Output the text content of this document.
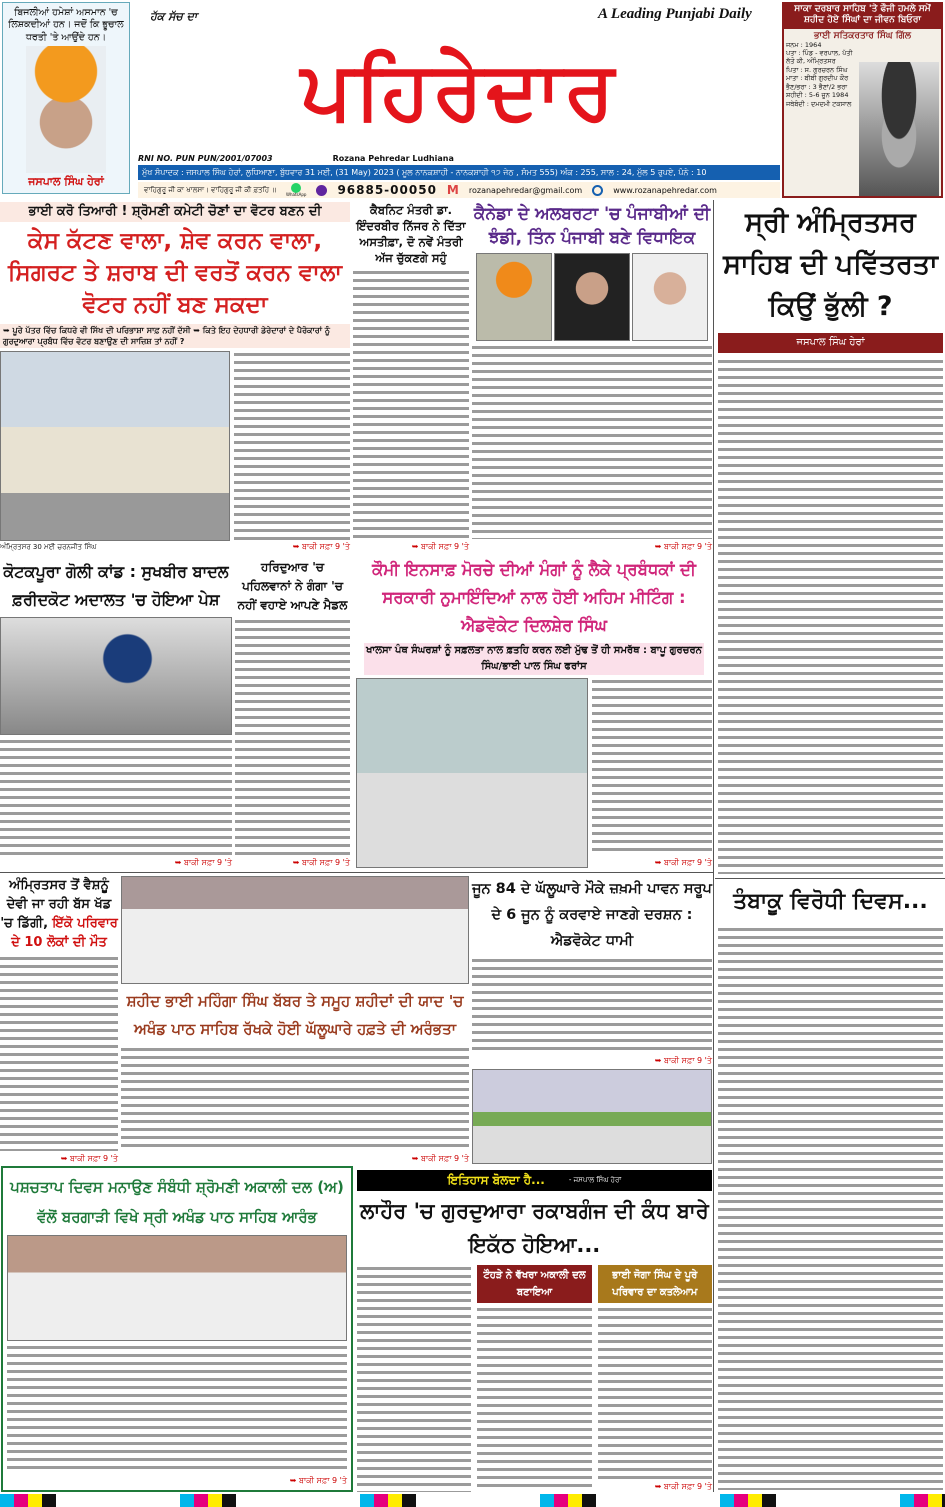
ਬਿਜਲੀਆਂ ਹਮੇਸ਼ਾਂ ਅਸਮਾਨ 'ਚ ਲਿਸ਼ਕਦੀਆਂ ਹਨ। ਜਦੋਂ ਕਿ ਭੂਚਾਲ ਧਰਤੀ 'ਤੇ ਆਉਂਦੇ ਹਨ।
ਜਸਪਾਲ ਸਿੰਘ ਹੇਰਾਂ
ਹੱਕ ਸੱਚ ਦਾ	A Leading Punjabi Daily
ਪਹਿਰੇਦਾਰ
RNI NO. PUN PUN/2001/07003	Rozana Pehredar Ludhiana
ਮੁੱਖ ਸੰਪਾਦਕ : ਜਸਪਾਲ ਸਿੰਘ ਹੇਰਾਂ, ਲੁਧਿਆਣਾ, ਬੁੱਧਵਾਰ 31 ਮਈ, (31 May) 2023 ( ਮੂਲ ਨਾਨਕਸ਼ਾਹੀ - ਨਾਨਕਸ਼ਾਹੀ ੧੭ ਜੇਠ , ਸੰਮਤ 555) ਅੰਕ : 255, ਸਾਲ : 24, ਮੁੱਲ 5 ਰੁਪਏ, ਪੰਨੇ : 10
ਵਾਹਿਗੁਰੂ ਜੀ ਕਾ ਖਾਲਸਾ। ਵਾਹਿਗੁਰੂ ਜੀ ਕੀ ਫ਼ਤਹਿ ॥
WhatsApp	96885-00050 M rozanapehredar@gmail.com	www.rozanapehredar.com
ਸਾਕਾ ਦਰਬਾਰ ਸਾਹਿਬ 'ਤੇ ਫੌਜੀ ਹਮਲੇ ਸਮੇਂ ਸ਼ਹੀਦ ਹੋਏ ਸਿੰਘਾਂ ਦਾ ਜੀਵਨ ਬਿਓਰਾ
ਭਾਈ ਸਤਿਕਰਤਾਰ ਸਿੰਘ ਗਿੱਲ
ਜਨਮ : 1964
ਪਤਾ : ਪਿੰਡ - ਵਰਪਾਲ, ਪੱਤੀ ਲੱਤੋ ਕੀ, ਅੰਮ੍ਰਿਤਸਰ
ਪਿਤਾ : ਸ. ਗੁਰਚਰਨ ਸਿੰਘ
ਮਾਤਾ : ਬੀਬੀ ਗੁਰਦੀਪ ਕੌਰ
ਭੈਣ/ਭਰਾ : 3 ਭੈਣਾਂ/2 ਭਰਾ
ਸ਼ਹੀਦੀ : 5-6 ਜੂਨ 1984
ਜਥੇਬੰਦੀ : ਦਮਦਮੀ ਟਕਸਾਲ
ਭਾਈ ਕਰੋ ਤਿਆਰੀ ! ਸ਼੍ਰੋਮਣੀ ਕਮੇਟੀ ਚੋਣਾਂ ਦਾ ਵੋਟਰ ਬਣਨ ਦੀ
ਕੇਸ ਕੱਟਣ ਵਾਲਾ, ਸ਼ੇਵ ਕਰਨ ਵਾਲਾ, ਸਿਗਰਟ ਤੇ ਸ਼ਰਾਬ ਦੀ ਵਰਤੋਂ ਕਰਨ ਵਾਲਾ ਵੋਟਰ ਨਹੀਂ ਬਣ ਸਕਦਾ
➥ ਪੂਰੇ ਪੱਤਰ ਵਿੱਚ ਕਿਧਰੇ ਵੀ ਸਿੱਖ ਦੀ ਪਰਿਭਾਸ਼ਾ ਸਾਫ਼ ਨਹੀਂ ਦੱਸੀ ➥ ਕਿਤੇ ਇਹ ਦੇਹਧਾਰੀ ਡੇਰੇਦਾਰਾਂ ਦੇ ਪੈਰੋਕਾਰਾਂ ਨੂੰ ਗੁਰਦੁਆਰਾ ਪ੍ਰਬੰਧ ਵਿੱਚ ਵੋਟਰ ਬਣਾਉਣ ਦੀ ਸਾਜ਼ਿਸ਼ ਤਾਂ ਨਹੀਂ ?
ਅੰਮ੍ਰਿਤਸਰ 30 ਮਈ ਚਰਨਜੀਤ ਸਿੰਘ	➥ ਬਾਕੀ ਸਫ਼ਾ 9 'ਤੇ
ਕੈਬਨਿਟ ਮੰਤਰੀ ਡਾ. ਇੰਦਰਬੀਰ ਨਿੱਜਰ ਨੇ ਦਿੱਤਾ ਅਸਤੀਫ਼ਾ, ਦੋ ਨਵੇਂ ਮੰਤਰੀ ਅੱਜ ਚੁੱਕਣਗੇ ਸਹੁੰ
➥ ਬਾਕੀ ਸਫ਼ਾ 9 'ਤੇ
ਕੈਨੇਡਾ ਦੇ ਅਲਬਰਟਾ 'ਚ ਪੰਜਾਬੀਆਂ ਦੀ ਝੰਡੀ, ਤਿੰਨ ਪੰਜਾਬੀ ਬਣੇ ਵਿਧਾਇਕ
➥ ਬਾਕੀ ਸਫ਼ਾ 9 'ਤੇ
ਸ੍ਰੀ ਅੰਮ੍ਰਿਤਸਰ ਸਾਹਿਬ ਦੀ ਪਵਿੱਤਰਤਾ ਕਿਉਂ ਭੁੱਲੀ ?
ਜਸਪਾਲ ਸਿੰਘ ਹੇਰਾਂ
ਕੋਟਕਪੂਰਾ ਗੋਲੀ ਕਾਂਡ : ਸੁਖਬੀਰ ਬਾਦਲ ਫ਼ਰੀਦਕੋਟ ਅਦਾਲਤ 'ਚ ਹੋਇਆ ਪੇਸ਼
➥ ਬਾਕੀ ਸਫ਼ਾ 9 'ਤੇ
ਹਰਿਦੁਆਰ 'ਚ ਪਹਿਲਵਾਨਾਂ ਨੇ ਗੰਗਾ 'ਚ ਨਹੀਂ ਵਹਾਏ ਆਪਣੇ ਮੈਡਲ
➥ ਬਾਕੀ ਸਫ਼ਾ 9 'ਤੇ
ਕੌਮੀ ਇਨਸਾਫ਼ ਮੋਰਚੇ ਦੀਆਂ ਮੰਗਾਂ ਨੂੰ ਲੈਕੇ ਪ੍ਰਬੰਧਕਾਂ ਦੀ ਸਰਕਾਰੀ ਨੁਮਾਇੰਦਿਆਂ ਨਾਲ ਹੋਈ ਅਹਿਮ ਮੀਟਿੰਗ : ਐਡਵੋਕੇਟ ਦਿਲਸ਼ੇਰ ਸਿੰਘ
ਖਾਲਸਾ ਪੰਥ ਸੰਘਰਸ਼ਾਂ ਨੂੰ ਸਫ਼ਲਤਾ ਨਾਲ ਫ਼ਤਹਿ ਕਰਨ ਲਈ ਮੁੱਢ ਤੋਂ ਹੀ ਸਮਰੱਥ : ਬਾਪੂ ਗੁਰਚਰਨ ਸਿੰਘ/ਭਾਈ ਪਾਲ ਸਿੰਘ ਫਰਾਂਸ
➥ ਬਾਕੀ ਸਫ਼ਾ 9 'ਤੇ
ਅੰਮ੍ਰਿਤਸਰ ਤੋਂ ਵੈਸ਼ਨੂੰ ਦੇਵੀ ਜਾ ਰਹੀ ਬੱਸ ਖੱਡ 'ਚ ਡਿੱਗੀ, ਇੱਕੋ ਪਰਿਵਾਰ ਦੇ 10 ਲੋਕਾਂ ਦੀ ਮੌਤ
➥ ਬਾਕੀ ਸਫ਼ਾ 9 'ਤੇ
ਸ਼ਹੀਦ ਭਾਈ ਮਹਿੰਗਾ ਸਿੰਘ ਬੱਬਰ ਤੇ ਸਮੂਹ ਸ਼ਹੀਦਾਂ ਦੀ ਯਾਦ 'ਚ ਅਖੰਡ ਪਾਠ ਸਾਹਿਬ ਰੱਖਕੇ ਹੋਈ ਘੱਲੂਘਾਰੇ ਹਫ਼ਤੇ ਦੀ ਅਰੰਭਤਾ
➥ ਬਾਕੀ ਸਫ਼ਾ 9 'ਤੇ
ਜੂਨ 84 ਦੇ ਘੱਲੂਘਾਰੇ ਮੌਕੇ ਜ਼ਖ਼ਮੀ ਪਾਵਨ ਸਰੂਪ ਦੇ 6 ਜੂਨ ਨੂੰ ਕਰਵਾਏ ਜਾਣਗੇ ਦਰਸ਼ਨ : ਐਡਵੋਕੇਟ ਧਾਮੀ
➥ ਬਾਕੀ ਸਫ਼ਾ 9 'ਤੇ
ਪਸ਼ਚਤਾਪ ਦਿਵਸ ਮਨਾਉਣ ਸੰਬੰਧੀ ਸ਼੍ਰੋਮਣੀ ਅਕਾਲੀ ਦਲ (ਅ) ਵੱਲੋਂ ਬਰਗਾੜੀ ਵਿਖੇ ਸ੍ਰੀ ਅਖੰਡ ਪਾਠ ਸਾਹਿਬ ਆਰੰਭ
➥ ਬਾਕੀ ਸਫ਼ਾ 9 'ਤੇ
ਇਤਿਹਾਸ ਬੋਲਦਾ ਹੈ...	- ਜਸਪਾਲ ਸਿੰਘ ਹੇਰਾਂ
ਲਾਹੌਰ 'ਚ ਗੁਰਦੁਆਰਾ ਰਕਾਬਗੰਜ ਦੀ ਕੰਧ ਬਾਰੇ ਇਕੱਠ ਹੋਇਆ...
ਟੌਹੜੇ ਨੇ ਵੱਖਰਾ ਅਕਾਲੀ ਦਲ ਬਣਾਇਆ
ਭਾਈ ਜੋਗਾ ਸਿੰਘ ਦੇ ਪੂਰੇ ਪਰਿਵਾਰ ਦਾ ਕਤਲੇਆਮ
➥ ਬਾਕੀ ਸਫ਼ਾ 9 'ਤੇ
ਤੰਬਾਕੂ ਵਿਰੋਧੀ ਦਿਵਸ...
